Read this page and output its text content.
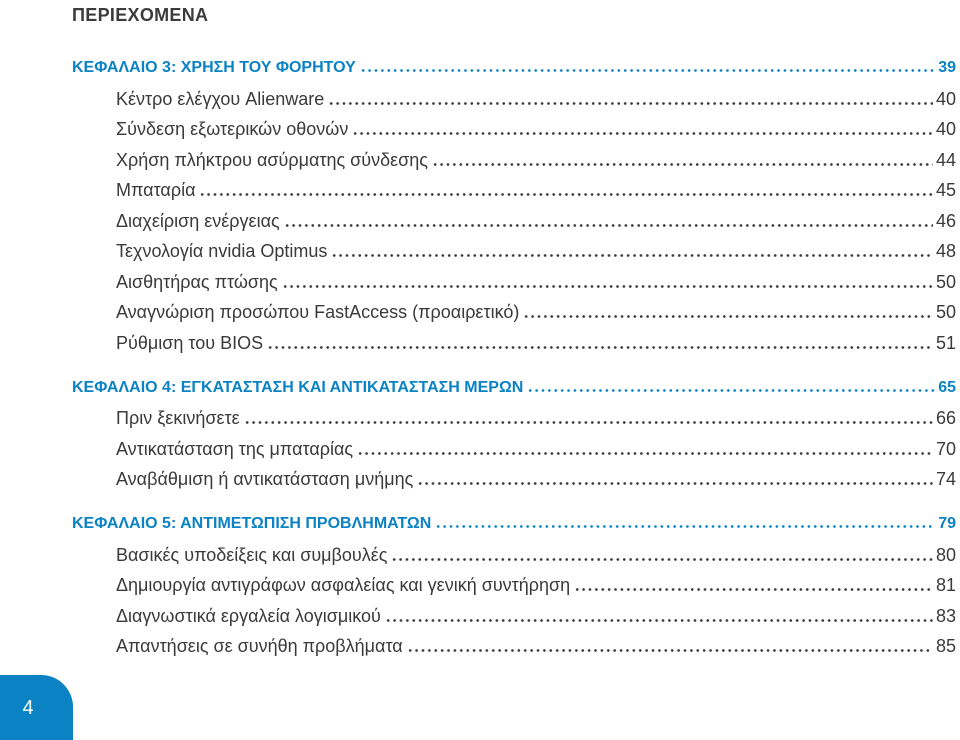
ΠΕΡΙΕΧΟΜΕΝΑ
ΚΕΦΑΛΑΙΟ 3: ΧΡΗΣΗ ΤΟΥ ΦΟΡΗΤΟΥ	39
Κέντρο ελέγχου Alienware	40
Σύνδεση εξωτερικών οθονών	40
Χρήση πλήκτρου ασύρματης σύνδεσης	44
Μπαταρία	45
Διαχείριση ενέργειας	46
Τεχνολογία nvidia Optimus	48
Αισθητήρας πτώσης	50
Αναγνώριση προσώπου FastAccess (προαιρετικό)	50
Ρύθμιση του BIOS	51
ΚΕΦΑΛΑΙΟ 4: ΕΓΚΑΤΑΣΤΑΣΗ ΚΑΙ ΑΝΤΙΚΑΤΑΣΤΑΣΗ ΜΕΡΩΝ	65
Πριν ξεκινήσετε	66
Αντικατάσταση της μπαταρίας	70
Αναβάθμιση ή αντικατάσταση μνήμης	74
ΚΕΦΑΛΑΙΟ 5: ΑΝΤΙΜΕΤΩΠΙΣΗ ΠΡΟΒΛΗΜΑΤΩΝ	79
Βασικές υποδείξεις και συμβουλές	80
Δημιουργία αντιγράφων ασφαλείας και γενική συντήρηση	81
Διαγνωστικά εργαλεία λογισμικού	83
Απαντήσεις σε συνήθη προβλήματα	85
4
